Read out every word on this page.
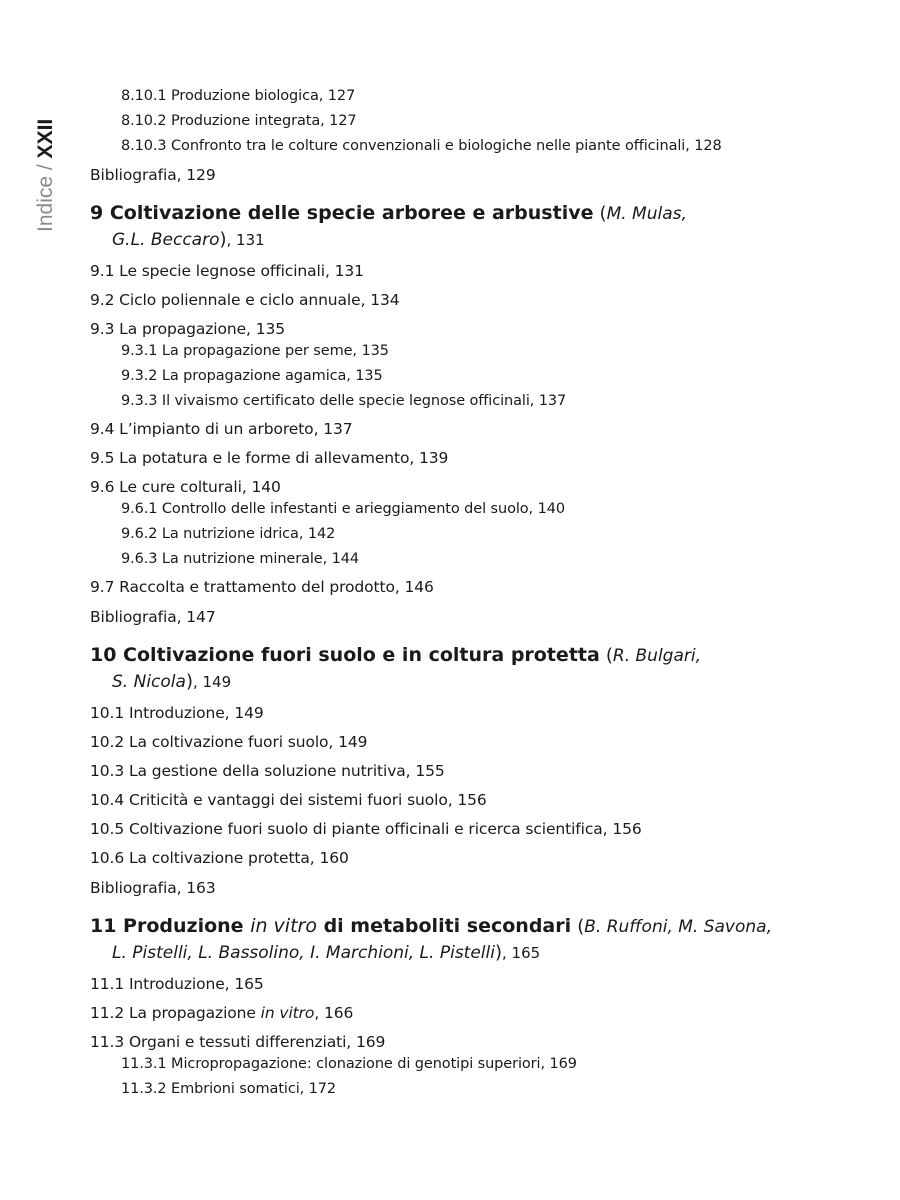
Indice / XXII
8.10.1 Produzione biologica, 127
8.10.2 Produzione integrata, 127
8.10.3 Confronto tra le colture convenzionali e biologiche nelle piante officinali, 128
Bibliografia, 129
9 Coltivazione delle specie arboree e arbustive (M. Mulas,
G.L. Beccaro), 131
9.1 Le specie legnose officinali, 131
9.2 Ciclo poliennale e ciclo annuale, 134
9.3 La propagazione, 135
9.3.1 La propagazione per seme, 135
9.3.2 La propagazione agamica, 135
9.3.3 Il vivaismo certificato delle specie legnose officinali, 137
9.4 L’impianto di un arboreto, 137
9.5 La potatura e le forme di allevamento, 139
9.6 Le cure colturali, 140
9.6.1 Controllo delle infestanti e arieggiamento del suolo, 140
9.6.2 La nutrizione idrica, 142
9.6.3 La nutrizione minerale, 144
9.7 Raccolta e trattamento del prodotto, 146
Bibliografia, 147
10 Coltivazione fuori suolo e in coltura protetta (R. Bulgari,
S. Nicola), 149
10.1 Introduzione, 149
10.2 La coltivazione fuori suolo, 149
10.3 La gestione della soluzione nutritiva, 155
10.4 Criticità e vantaggi dei sistemi fuori suolo, 156
10.5 Coltivazione fuori suolo di piante officinali e ricerca scientifica, 156
10.6 La coltivazione protetta, 160
Bibliografia, 163
11 Produzione in vitro di metaboliti secondari (B. Ruffoni, M. Savona,
L. Pistelli, L. Bassolino, I. Marchioni, L. Pistelli), 165
11.1 Introduzione, 165
11.2 La propagazione in vitro, 166
11.3 Organi e tessuti differenziati, 169
11.3.1 Micropropagazione: clonazione di genotipi superiori, 169
11.3.2 Embrioni somatici, 172
